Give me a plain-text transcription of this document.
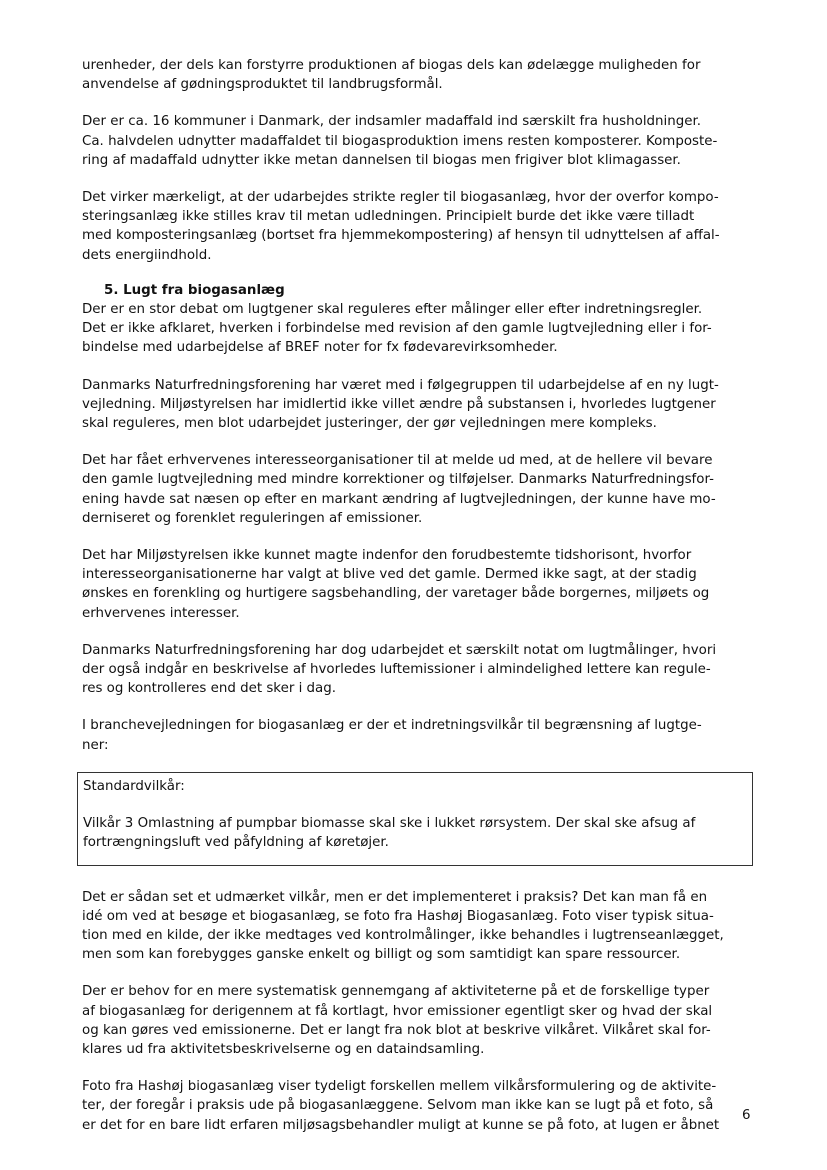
urenheder, der dels kan forstyrre produktionen af biogas dels kan ødelægge muligheden for
anvendelse af gødningsproduktet til landbrugsformål.

Der er ca. 16 kommuner i Danmark, der indsamler madaffald ind særskilt fra husholdninger.
Ca. halvdelen udnytter madaffaldet til biogasproduktion imens resten komposterer. Komposte-
ring af madaffald udnytter ikke metan dannelsen til biogas men frigiver blot klimagasser.

Det virker mærkeligt, at der udarbejdes strikte regler til biogasanlæg, hvor der overfor kompo-
steringsanlæg ikke stilles krav til metan udledningen. Principielt burde det ikke være tilladt
med komposteringsanlæg (bortset fra hjemmekompostering) af hensyn til udnyttelsen af affal-
dets energiindhold.

5. Lugt fra biogasanlæg

Der er en stor debat om lugtgener skal reguleres efter målinger eller efter indretningsregler.
Det er ikke afklaret, hverken i forbindelse med revision af den gamle lugtvejledning eller i for-
bindelse med udarbejdelse af BREF noter for fx fødevarevirksomheder.

Danmarks Naturfredningsforening har været med i følgegruppen til udarbejdelse af en ny lugt-
vejledning. Miljøstyrelsen har imidlertid ikke villet ændre på substansen i, hvorledes lugtgener
skal reguleres, men blot udarbejdet justeringer, der gør vejledningen mere kompleks.

Det har fået erhvervenes interesseorganisationer til at melde ud med, at de hellere vil bevare
den gamle lugtvejledning med mindre korrektioner og tilføjelser. Danmarks Naturfredningsfor-
ening havde sat næsen op efter en markant ændring af lugtvejledningen, der kunne have mo-
derniseret og forenklet reguleringen af emissioner.

Det har Miljøstyrelsen ikke kunnet magte indenfor den forudbestemte tidshorisont, hvorfor
interesseorganisationerne har valgt at blive ved det gamle. Dermed ikke sagt, at der stadig
ønskes en forenkling og hurtigere sagsbehandling, der varetager både borgernes, miljøets og
erhvervenes interesser.

Danmarks Naturfredningsforening har dog udarbejdet et særskilt notat om lugtmålinger, hvori
der også indgår en beskrivelse af hvorledes luftemissioner i almindelighed lettere kan regule-
res og kontrolleres end det sker i dag.

I branchevejledningen for biogasanlæg er der et indretningsvilkår til begrænsning af lugtge-
ner:

Standardvilkår:

Vilkår 3 Omlastning af pumpbar biomasse skal ske i lukket rørsystem. Der skal ske afsug af
fortrængningsluft ved påfyldning af køretøjer.

Det er sådan set et udmærket vilkår, men er det implementeret i praksis? Det kan man få en
idé om ved at besøge et biogasanlæg, se foto fra Hashøj Biogasanlæg. Foto viser typisk situa-
tion med en kilde, der ikke medtages ved kontrolmålinger, ikke behandles i lugtrenseanlægget,
men som kan forebygges ganske enkelt og billigt og som samtidigt kan spare ressourcer.

Der er behov for en mere systematisk gennemgang af aktiviteterne på et de forskellige typer
af biogasanlæg for derigennem at få kortlagt, hvor emissioner egentligt sker og hvad der skal
og kan gøres ved emissionerne. Det er langt fra nok blot at beskrive vilkåret. Vilkåret skal for-
klares ud fra aktivitetsbeskrivelserne og en dataindsamling.

Foto fra Hashøj biogasanlæg viser tydeligt forskellen mellem vilkårsformulering og de aktivite-
ter, der foregår i praksis ude på biogasanlæggene. Selvom man ikke kan se lugt på et foto, så
er det for en bare lidt erfaren miljøsagsbehandler muligt at kunne se på foto, at lugen er åbnet

6
